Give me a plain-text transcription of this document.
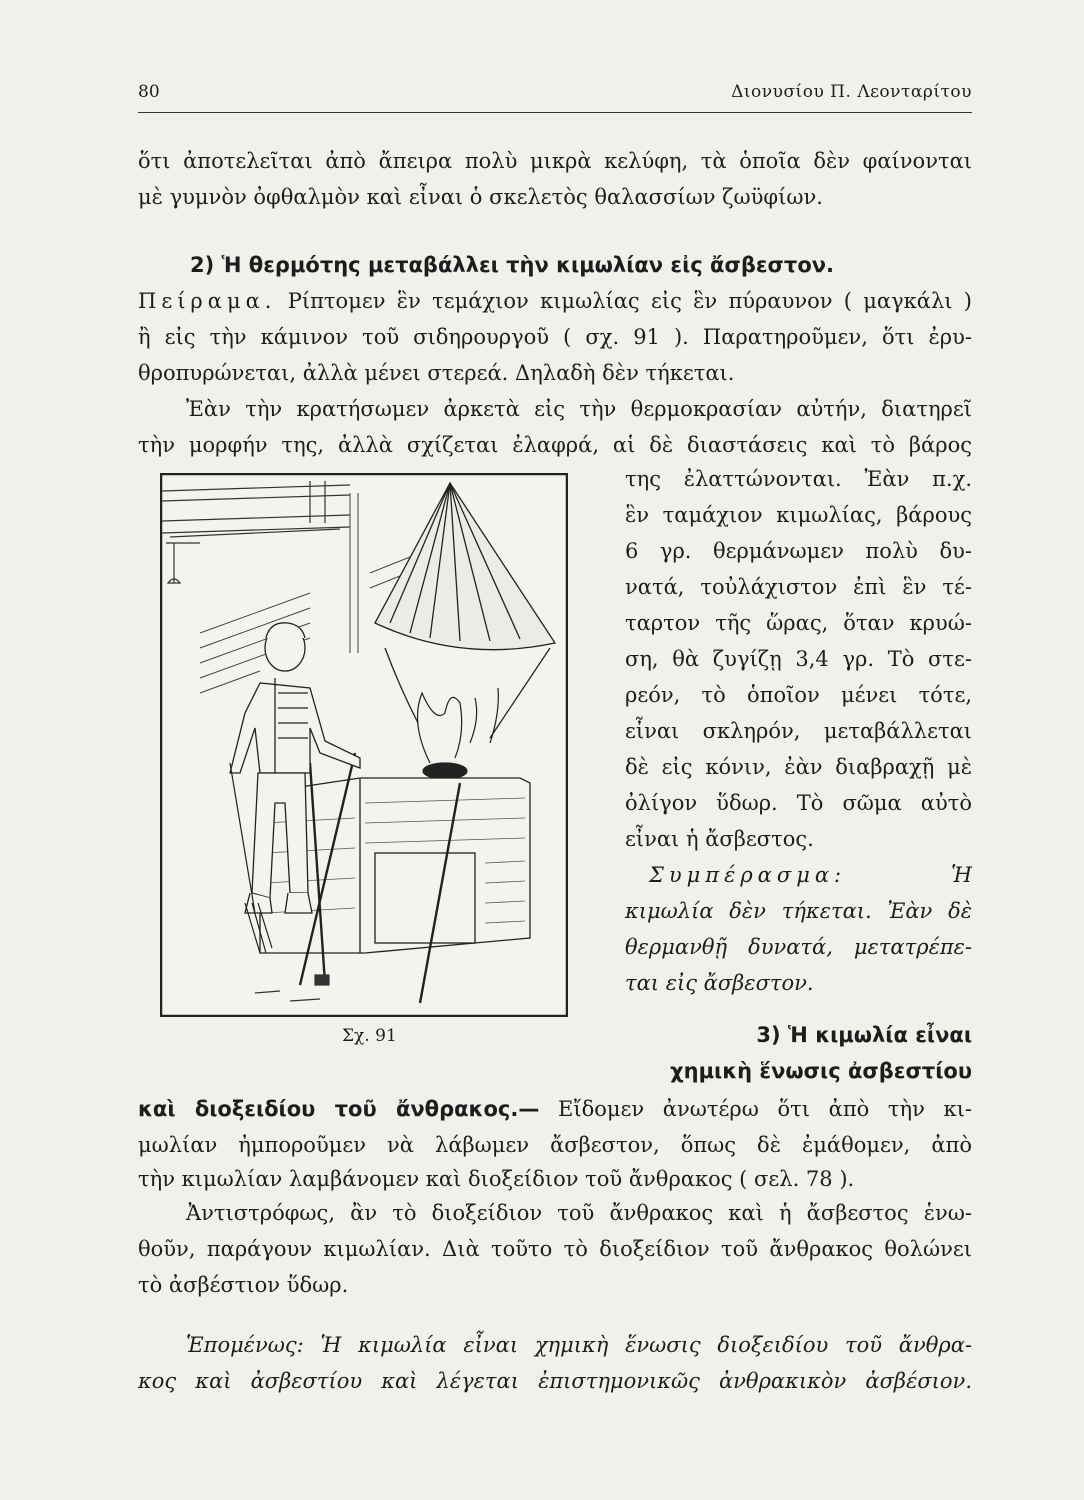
80	Διονυσίου Π. Λεονταρίτου
ὅτι ἀποτελεῖται ἀπὸ ἄπειρα πολὺ μικρὰ κελύφη, τὰ ὁποῖα δὲν φαίνονται
μὲ γυμνὸν ὀφθαλμὸν καὶ εἶναι ὁ σκελετὸς θαλασσίων ζωϋφίων.
2) Ἡ θερμότης μεταβάλλει τὴν κιμωλίαν εἰς ἄσβεστον.
Πείραμα. Ρίπτομεν ἓν τεμάχιον κιμωλίας εἰς ἓν πύραυνον ( μαγκάλι )
ἢ εἰς τὴν κάμινον τοῦ σιδηρουργοῦ ( σχ. 91 ). Παρατηροῦμεν, ὅτι ἐρυ-
θροπυρώνεται, ἀλλὰ μένει στερεά. Δηλαδὴ δὲν τήκεται.
Ἐὰν τὴν κρατήσωμεν ἀρκετὰ εἰς τὴν θερμοκρασίαν αὐτήν, διατηρεῖ
τὴν μορφήν της, ἀλλὰ σχίζεται ἐλαφρά, αἱ δὲ διαστάσεις καὶ τὸ βάρος
της ἐλαττώνονται. Ἐὰν π.χ.
ἓν ταμάχιον κιμωλίας, βάρους
6 γρ. θερμάνωμεν πολὺ δυ-
νατά, τοὐλάχιστον ἐπὶ ἓν τέ-
ταρτον τῆς ὥρας, ὅταν κρυώ-
ση, θὰ ζυγίζῃ 3,4 γρ. Τὸ στε-
ρεόν, τὸ ὁποῖον μένει τότε,
εἶναι σκληρόν, μεταβάλλεται
δὲ εἰς κόνιν, ἐὰν διαβραχῇ μὲ
ὀλίγον ὕδωρ. Τὸ σῶμα αὐτὸ
εἶναι ἡ ἄσβεστος.
Συμπέρασμα:	Ἡ
κιμωλία δὲν τήκεται. Ἐὰν δὲ
θερμανθῇ δυνατά, μετατρέπε-
ται εἰς ἄσβεστον.
3) Ἡ κιμωλία εἶναι
χημικὴ ἕνωσις ἀσβεστίου
καὶ διοξειδίου τοῦ ἄνθρακος.— Εἴδομεν ἀνωτέρω ὅτι ἀπὸ τὴν κι-
μωλίαν ἠμποροῦμεν νὰ λάβωμεν ἄσβεστον, ὅπως δὲ ἐμάθομεν, ἀπὸ
τὴν κιμωλίαν λαμβάνομεν καὶ διοξείδιον τοῦ ἄνθρακος ( σελ. 78 ).
Ἀντιστρόφως, ἂν τὸ διοξείδιον τοῦ ἄνθρακος καὶ ἡ ἄσβεστος ἑνω-
θοῦν, παράγουν κιμωλίαν. Διὰ τοῦτο τὸ διοξείδιον τοῦ ἄνθρακος θολώνει
τὸ ἀσβέστιον ὕδωρ.
Ἑπομένως: Ἡ κιμωλία εἶναι χημικὴ ἕνωσις διοξειδίου τοῦ ἄνθρα-
κος καὶ ἀσβεστίου καὶ λέγεται ἐπιστημονικῶς ἀνθρακικὸν ἀσβέσιον.
Σχ. 91
